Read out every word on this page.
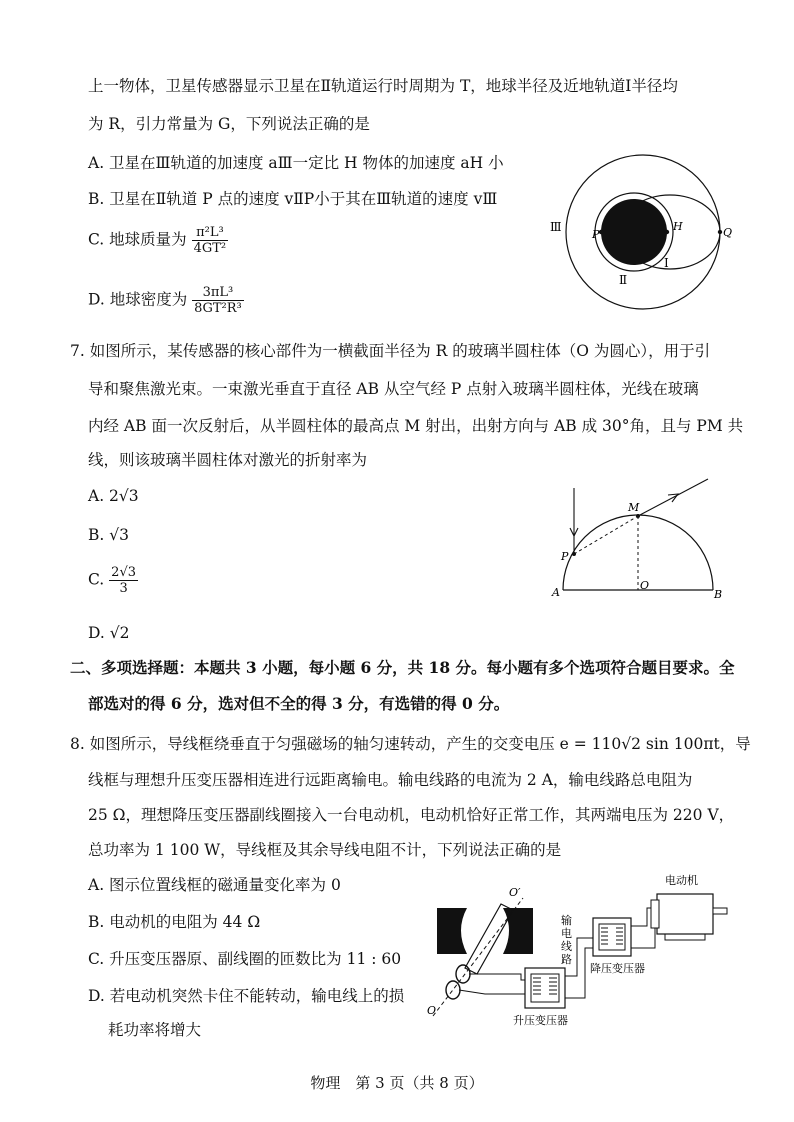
上一物体，卫星传感器显示卫星在Ⅱ轨道运行时周期为 T，地球半径及近地轨道Ⅰ半径均
为 R，引力常量为 G，下列说法正确的是
A. 卫星在Ⅲ轨道的加速度 aⅢ一定比 H 物体的加速度 aH 小
B. 卫星在Ⅱ轨道 P 点的速度 vⅡP小于其在Ⅲ轨道的速度 vⅢ
C. 地球质量为 $\frac{\text{π²L³}}{\text{4GT²}}$
D. 地球密度为 $\frac{\text{3πL³}}{\text{8GT²R³}}$
Ⅲ
P
H	Q
Ⅰ
Ⅱ
7. 如图所示，某传感器的核心部件为一横截面半径为 R 的玻璃半圆柱体（O 为圆心），用于引
导和聚焦激光束。一束激光垂直于直径 AB 从空气经 P 点射入玻璃半圆柱体，光线在玻璃
内经 AB 面一次反射后，从半圆柱体的最高点 M 射出，出射方向与 AB 成 30°角，且与 PM 共
线，则该玻璃半圆柱体对激光的折射率为
A. 2√3
B. √3
C. $\frac{2√3}{3}$
D. √2
M
P
A
O
B
二、多项选择题：本题共 3 小题，每小题 6 分，共 18 分。每小题有多个选项符合题目要求。全
部选对的得 6 分，选对但不全的得 3 分，有选错的得 0 分。
8. 如图所示，导线框绕垂直于匀强磁场的轴匀速转动，产生的交变电压 e = 110√2 sin 100πt，导
线框与理想升压变压器相连进行远距离输电。输电线路的电流为 2 A，输电线路总电阻为
25 Ω，理想降压变压器副线圈接入一台电动机，电动机恰好正常工作，其两端电压为 220 V，
总功率为 1 100 W，导线框及其余导线电阻不计，下列说法正确的是
A. 图示位置线框的磁通量变化率为 0
B. 电动机的电阻为 44 Ω
C. 升压变压器原、副线圈的匝数比为 11 : 60
D. 若电动机突然卡住不能转动，输电线上的损
耗功率将增大
O
O′
升压变压器
输
电
线
路
降压变压器
电动机
物理　第 3 页（共 8 页）
